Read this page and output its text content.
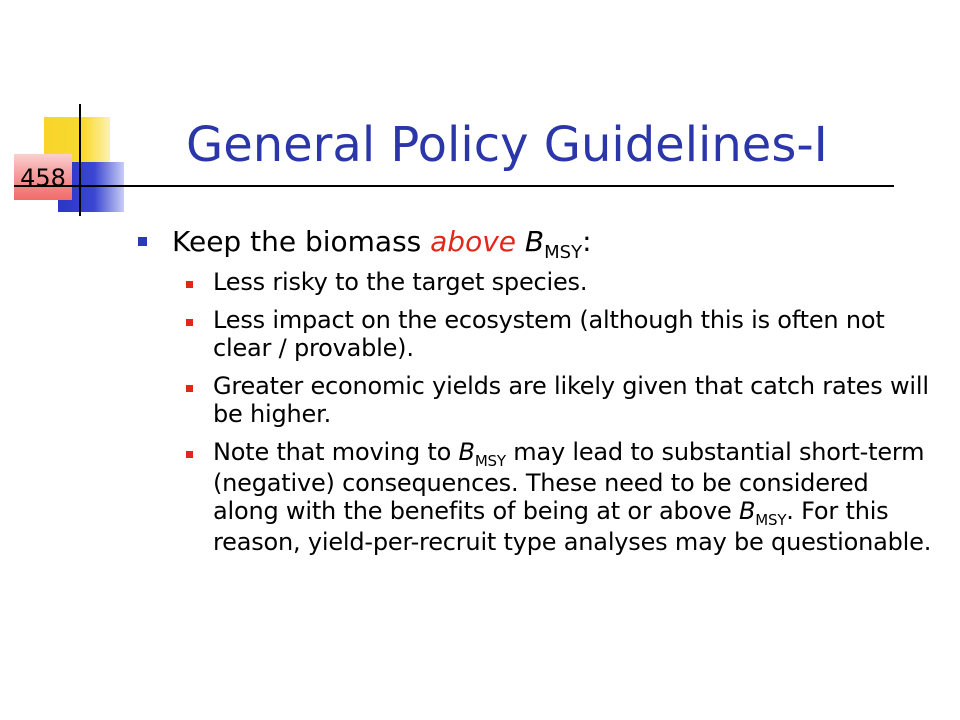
458
General Policy Guidelines-I
Keep the biomass above $B_{MSY}$:
Less risky to the target species.
Less impact on the ecosystem (although this is often not clear / provable).
Greater economic yields are likely given that catch rates will be higher.
Note that moving to $B_{MSY}$ may lead to substantial short-term (negative) consequences. These need to be considered along with the benefits of being at or above $B_{MSY}$. For this reason, yield-per-recruit type analyses may be questionable.
